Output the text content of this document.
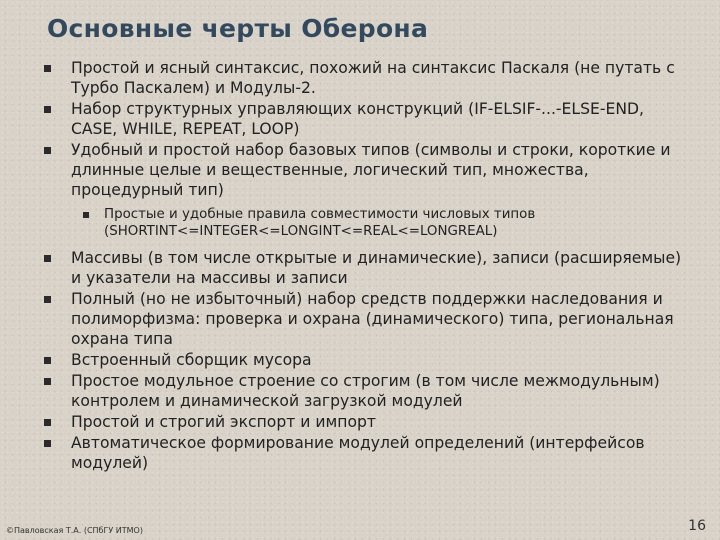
Основные черты Оберона
Простой и ясный синтаксис, похожий на синтаксис Паскаля (не путать с Турбо Паскалем) и Модулы-2.
Набор структурных управляющих конструкций (IF-ELSIF-...-ELSE-END, CASE, WHILE, REPEAT, LOOP)
Удобный и простой набор базовых типов (символы и строки, короткие и длинные целые и вещественные, логический тип, множества, процедурный тип)
Простые и удобные правила совместимости числовых типов (SHORTINT<=INTEGER<=LONGINT<=REAL<=LONGREAL)
Массивы (в том числе открытые и динамические), записи (расширяемые) и указатели на массивы и записи
Полный (но не избыточный) набор средств поддержки наследования и полиморфизма: проверка и охрана (динамического) типа, региональная охрана типа
Встроенный сборщик мусора
Простое модульное строение со строгим (в том числе межмодульным) контролем и динамической загрузкой модулей
Простой и строгий экспорт и импорт
Автоматическое формирование модулей определений (интерфейсов модулей)
©Павловская Т.А. (СПбГУ ИТМО)	16
